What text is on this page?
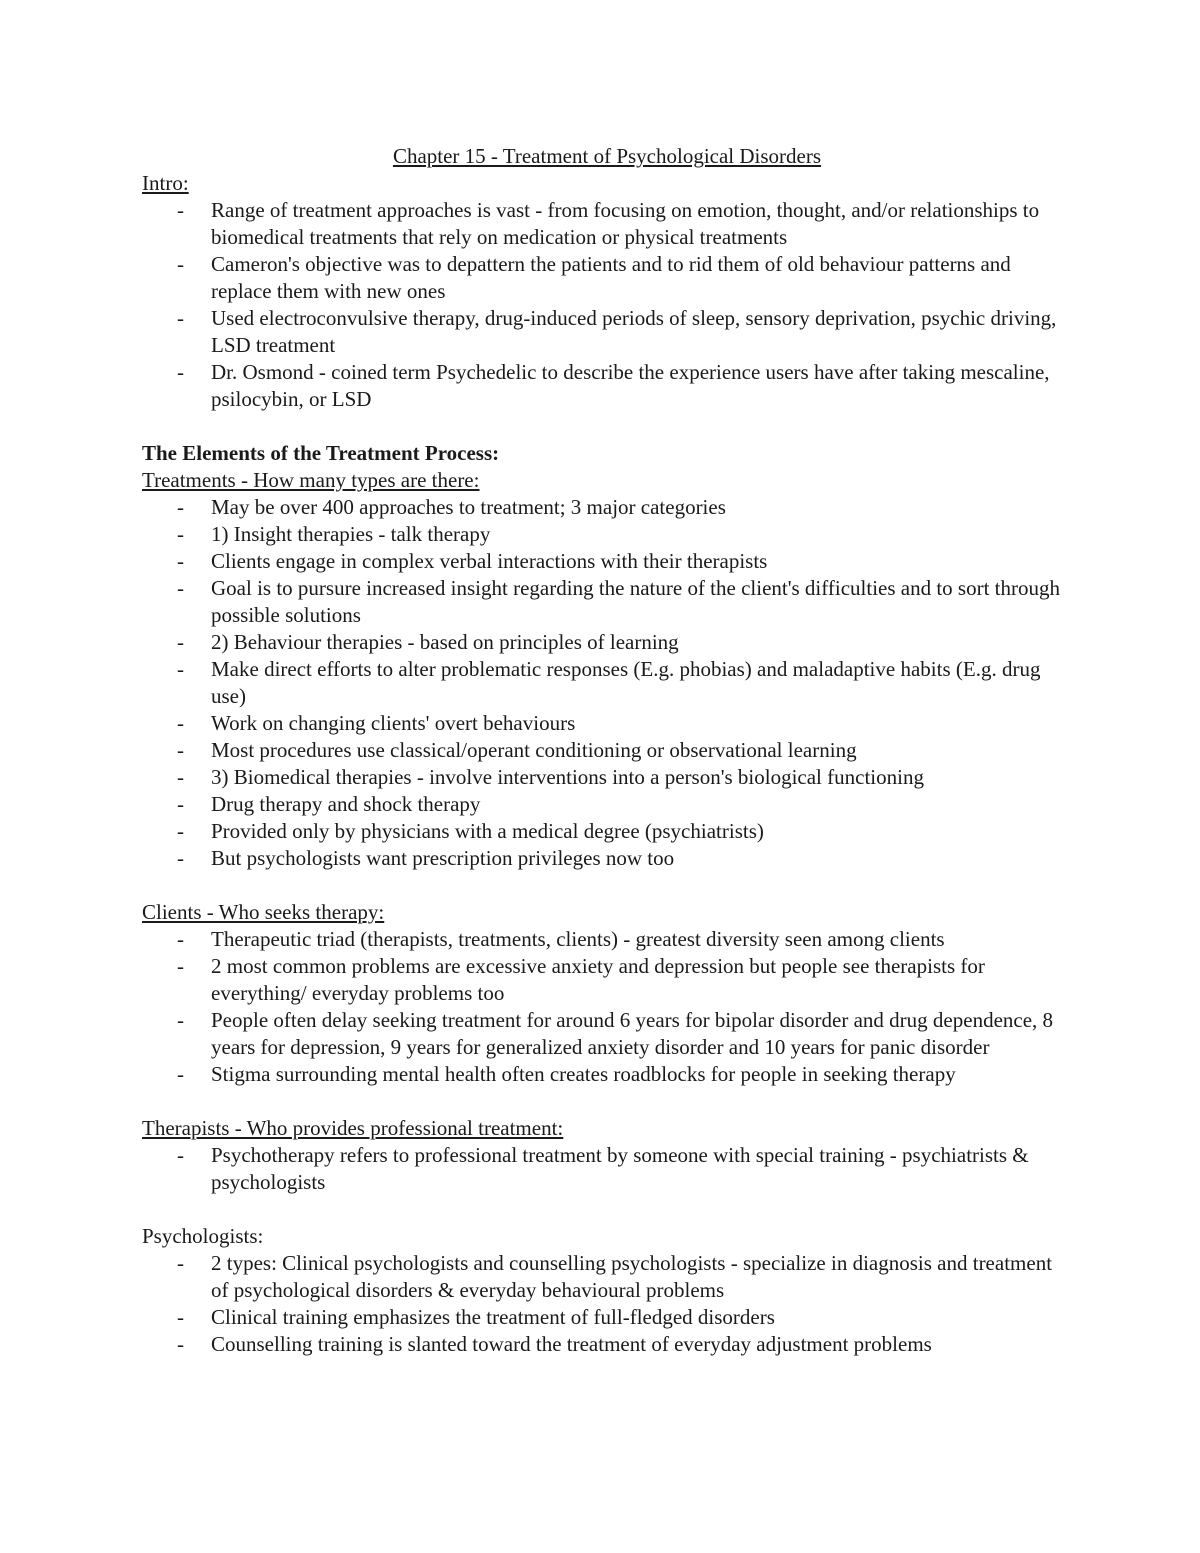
Chapter 15 - Treatment of Psychological Disorders
Intro:
- Range of treatment approaches is vast - from focusing on emotion, thought, and/or relationships to biomedical treatments that rely on medication or physical treatments
- Cameron's objective was to depattern the patients and to rid them of old behaviour patterns and replace them with new ones
- Used electroconvulsive therapy, drug-induced periods of sleep, sensory deprivation, psychic driving, LSD treatment
- Dr. Osmond - coined term Psychedelic to describe the experience users have after taking mescaline, psilocybin, or LSD
The Elements of the Treatment Process:
Treatments - How many types are there:
- May be over 400 approaches to treatment; 3 major categories
- 1) Insight therapies - talk therapy
- Clients engage in complex verbal interactions with their therapists
- Goal is to pursure increased insight regarding the nature of the client's difficulties and to sort through possible solutions
- 2) Behaviour therapies - based on principles of learning
- Make direct efforts to alter problematic responses (E.g. phobias) and maladaptive habits (E.g. drug use)
- Work on changing clients' overt behaviours
- Most procedures use classical/operant conditioning or observational learning
- 3) Biomedical therapies - involve interventions into a person's biological functioning
- Drug therapy and shock therapy
- Provided only by physicians with a medical degree (psychiatrists)
- But psychologists want prescription privileges now too
Clients - Who seeks therapy:
- Therapeutic triad (therapists, treatments, clients) - greatest diversity seen among clients
- 2 most common problems are excessive anxiety and depression but people see therapists for everything/ everyday problems too
- People often delay seeking treatment for around 6 years for bipolar disorder and drug dependence, 8 years for depression, 9 years for generalized anxiety disorder and 10 years for panic disorder
- Stigma surrounding mental health often creates roadblocks for people in seeking therapy
Therapists - Who provides professional treatment:
- Psychotherapy refers to professional treatment by someone with special training - psychiatrists & psychologists
Psychologists:
- 2 types: Clinical psychologists and counselling psychologists - specialize in diagnosis and treatment of psychological disorders & everyday behavioural problems
- Clinical training emphasizes the treatment of full-fledged disorders
- Counselling training is slanted toward the treatment of everyday adjustment problems
